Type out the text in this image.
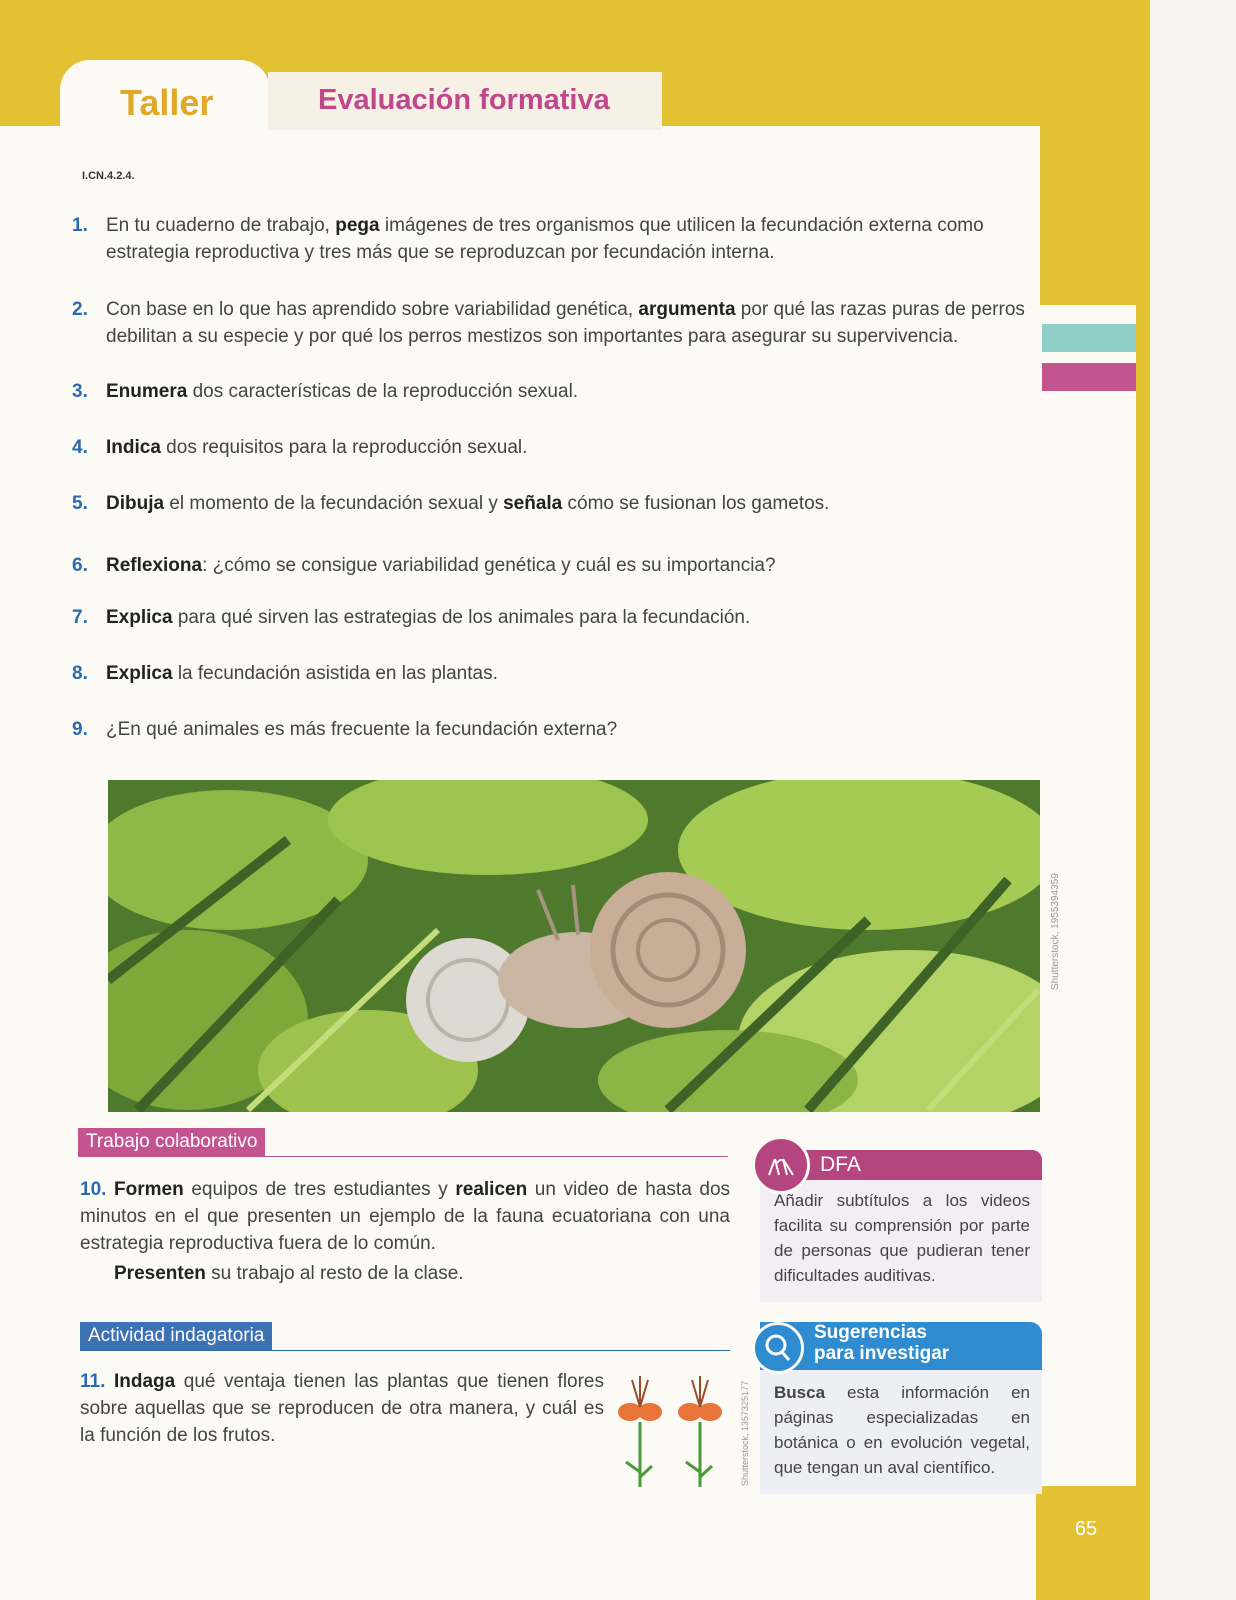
65
Taller	Evaluación formativa
I.CN.4.2.4.
1. En tu cuaderno de trabajo, pega imágenes de tres organismos que utilicen la fecundación externa como estrategia reproductiva y tres más que se reproduzcan por fecundación interna.
2. Con base en lo que has aprendido sobre variabilidad genética, argumenta por qué las razas puras de perros debilitan a su especie y por qué los perros mestizos son importantes para asegurar su supervivencia.
3. Enumera dos características de la reproducción sexual.
4. Indica dos requisitos para la reproducción sexual.
5. Dibuja el momento de la fecundación sexual y señala cómo se fusionan los gametos.
6. Reflexiona: ¿cómo se consigue variabilidad genética y cuál es su importancia?
7. Explica para qué sirven las estrategias de los animales para la fecundación.
8. Explica la fecundación asistida en las plantas.
9. ¿En qué animales es más frecuente la fecundación externa?
Shutterstock, 1955394359
Trabajo colaborativo
10. Formen equipos de tres estudiantes y realicen un video de hasta dos minutos en el que presenten un ejemplo de la fauna ecuatoriana con una estrategia reproductiva fuera de lo común.
Presenten su trabajo al resto de la clase.
Actividad indagatoria
11. Indaga qué ventaja tienen las plantas que tienen flores sobre aquellas que se reproducen de otra manera, y cuál es la función de los frutos.	Shutterstock, 1357325177
DFA
Añadir subtítulos a los videos facilita su comprensión por parte de personas que pudieran tener dificultades auditivas.
Sugerencias
para investigar
Busca esta información en páginas especializadas en botánica o en evolución vegetal, que tengan un aval científico.
